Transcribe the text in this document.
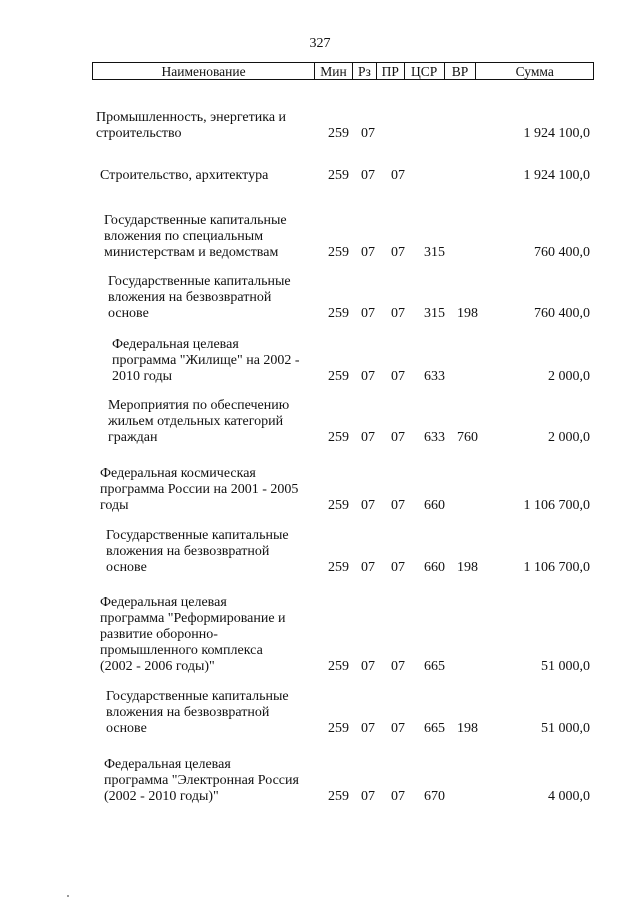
327
Наименование	Мин Рз ПР ЦСР	ВР	Сумма
Промышленность, энергетика и
строительство	259 07	1 924 100,0
Строительство, архитектура	259 07 07	1 924 100,0
Государственные капитальные
вложения по специальным
министерствам и ведомствам	259 07 07 315	760 400,0
Государственные капитальные
вложения на безвозвратной
основе	259 07 07 315 198	760 400,0
Федеральная целевая
программа "Жилище" на 2002 -
2010 годы	259 07 07 633	2 000,0
Мероприятия по обеспечению
жильем отдельных категорий
граждан	259 07 07 633 760	2 000,0
Федеральная космическая
программа России на 2001 - 2005
годы	259 07 07 660	1 106 700,0
Государственные капитальные
вложения на безвозвратной
основе	259 07 07 660 198	1 106 700,0
Федеральная целевая
программа "Реформирование и
развитие оборонно-
промышленного комплекса
(2002 - 2006 годы)"	259 07 07 665	51 000,0
Государственные капитальные
вложения на безвозвратной
основе	259 07 07 665 198	51 000,0
Федеральная целевая
программа "Электронная Россия
(2002 - 2010 годы)"	259 07 07 670	4 000,0
